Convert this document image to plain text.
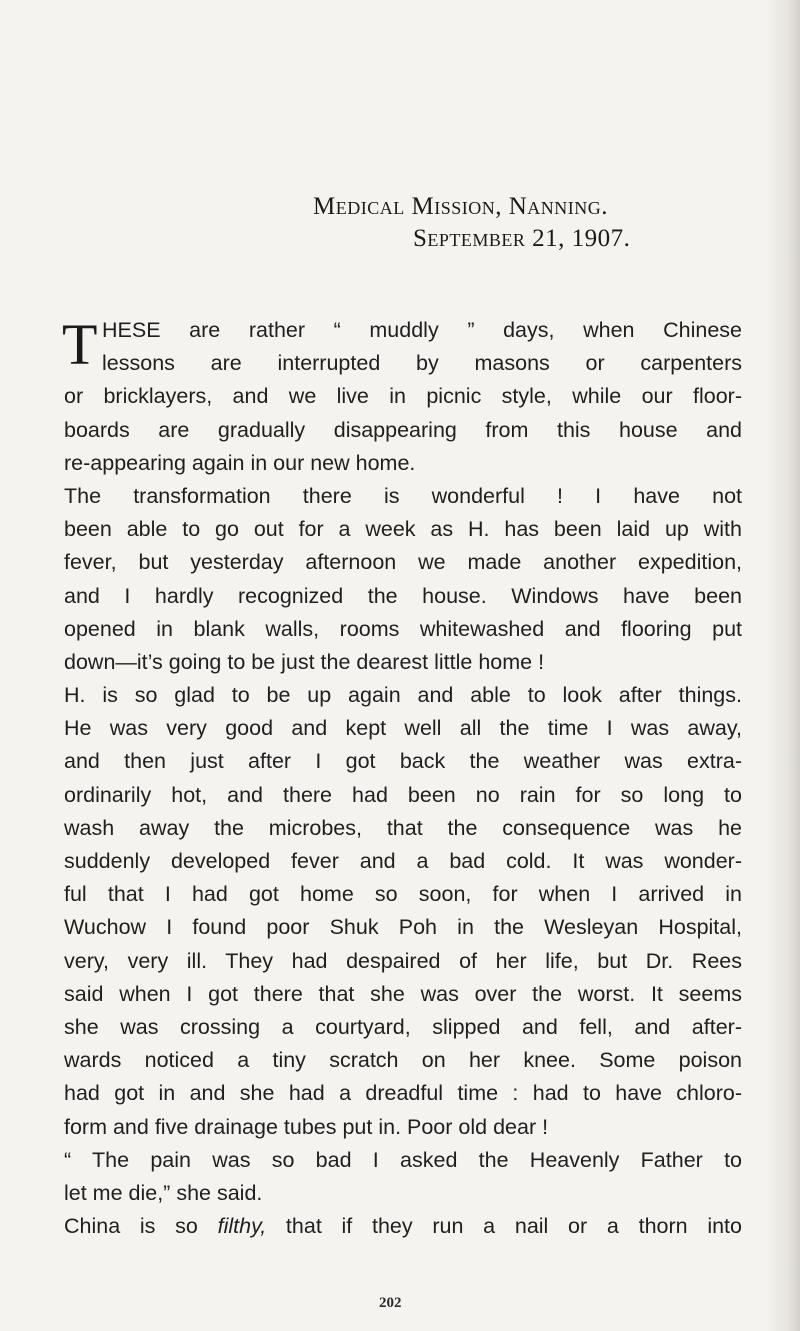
Medical Mission, Nanning.
September 21, 1907.
T HESE are rather “ muddly ” days, when Chinese
lessons are interrupted by masons or carpenters
or bricklayers, and we live in picnic style, while our floor-
boards are gradually disappearing from this house and
re-appearing again in our new home.
The transformation there is wonderful ! I have not
been able to go out for a week as H. has been laid up with
fever, but yesterday afternoon we made another expedition,
and I hardly recognized the house. Windows have been
opened in blank walls, rooms whitewashed and flooring put
down—it’s going to be just the dearest little home !
H. is so glad to be up again and able to look after things.
He was very good and kept well all the time I was away,
and then just after I got back the weather was extra-
ordinarily hot, and there had been no rain for so long to
wash away the microbes, that the consequence was he
suddenly developed fever and a bad cold. It was wonder-
ful that I had got home so soon, for when I arrived in
Wuchow I found poor Shuk Poh in the Wesleyan Hospital,
very, very ill. They had despaired of her life, but Dr. Rees
said when I got there that she was over the worst. It seems
she was crossing a courtyard, slipped and fell, and after-
wards noticed a tiny scratch on her knee. Some poison
had got in and she had a dreadful time : had to have chloro-
form and five drainage tubes put in. Poor old dear !
“ The pain was so bad I asked the Heavenly Father to
let me die,” she said.
China is so filthy, that if they run a nail or a thorn into
202
